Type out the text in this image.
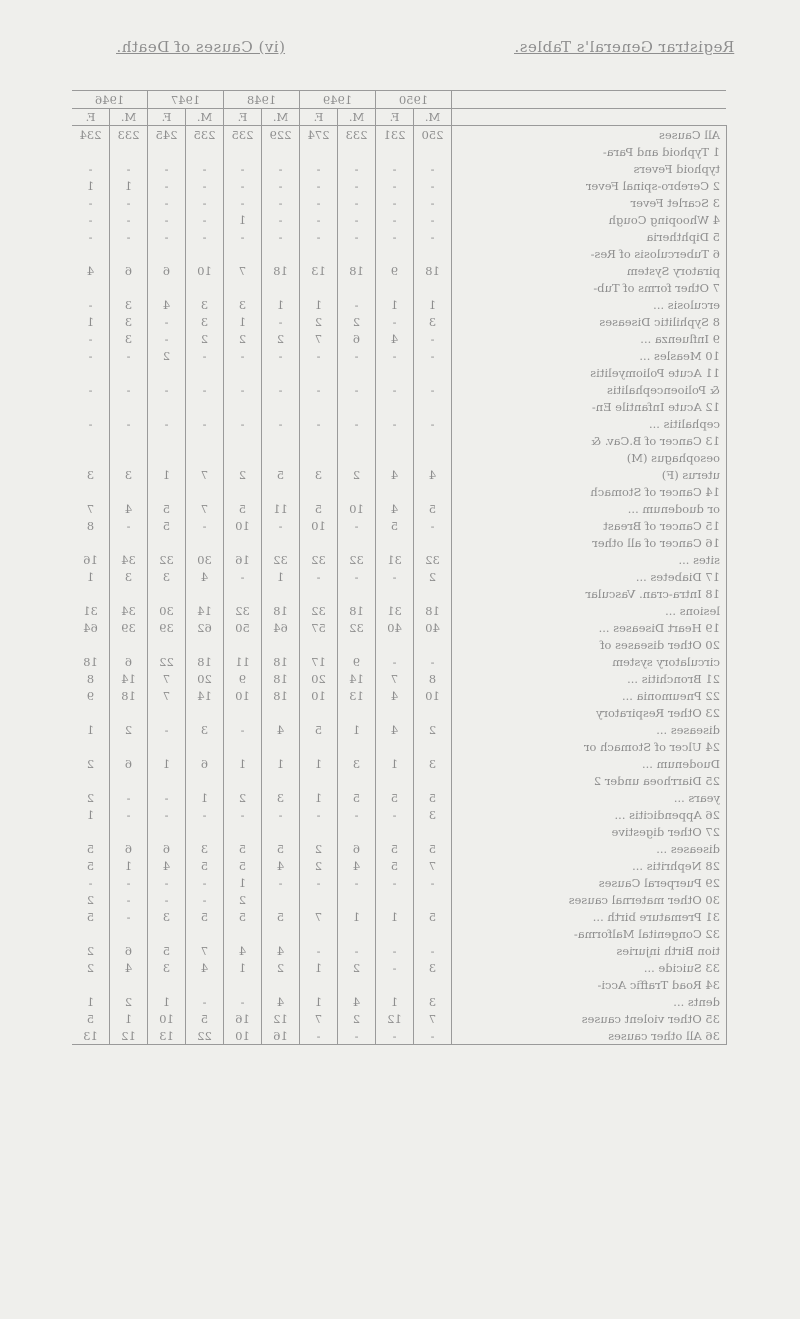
(iv) Causes of Death.	Registrar General's Tables.
	1950		1949		1948		1947		1946	
	M.	F.	M.	F.	M.	F.	M.	F.	M.	F.
All Causes	250	231	233	274	229	235	235	245	233	234
1 Typhoid and Para-										
typhoid Fevers	-	-	-	-	-	-	-	-	-	-
2 Cerebro-spinal Fever	-	-	-	-	-	-	-	-	1	1
3 Scarlet Fever	-	-	-	-	-	-	-	-	-	-
4 Whooping Cough	-	-	-	-	-	1	-	-	-	-
5 Diphtheria	-	-	-	-	-	-	-	-	-	-
6 Tuberculosis of Res-										
piratory System	18	9	18	13	18	7	10	6	6	4
7 Other forms of Tub-										
erculosis ...	1	1	-	1	1	3	3	4	3	-
8 Syphilitic Diseases	3	-	2	2	-	1	3	-	3	1
9 Influenza ...	-	4	6	7	2	2	2	-	3	-
10 Measles ...	-	-	-	-	-	-	-	2	-	-
11 Acute Poliomyelitis										
& Polioencephalitis	-	-	-	-	-	-	-	-	-	-
12 Acute Infantile En-										
cephalitis ...	-	-	-	-	-	-	-	-	-	-
13 Cancer of B.Cav. &										
oesophagus (M)										
uterus (F)	4	4	2	3	5	2	7	1	3	3
14 Cancer of Stomach										
or duodenum ...	5	4	10	5	11	5	7	5	4	7
15 Cancer of Breast	-	5	-	10	-	10	-	5	-	8
16 Cancer of all other										
sites ...	32	31	32	32	32	16	30	32	34	16
17 Diabetes ...	2	-	-	-	1	-	4	3	3	1
18 Intra-cran. Vascular										
lesions ...	18	31	18	32	18	32	14	30	34	31
19 Heart Diseases ...	40	40	32	57	64	50	62	39	39	64
20 Other diseases of										
circulatory system	-	-	9	17	18	11	18	22	6	18
21 Bronchitis ...	8	7	14	20	18	9	20	7	14	8
22 Pneumonia ...	10	4	13	10	18	10	14	7	18	9
23 Other Respiratory										
diseases ...	2	4	1	5	4	-	3	-	2	1
24 Ulcer of Stomach or										
Duodenum ...	3	1	3	1	1	1	6	1	6	2
25 Diarrhoea under 2										
years ...	5	5	5	1	3	2	1	-	-	2
26 Appendicitis ...	3	-	-	-	-	-	-	-	-	1
27 Other digestive										
diseases ...	5	5	6	2	5	5	3	6	6	5
28 Nephritis ...	7	5	4	2	4	5	5	4	1	5
29 Puerperal Causes	-	-	-	-	-	1	-	-	-	-
30 Other maternal causes						2	-	-	-	2
31 Premature birth ...	5	1	1	7	5	5	5	3	-	5
32 Congenital Malforma-										
tion Birth injuries	-	-	-	-	4	4	7	5	6	2
33 Suicide ...	3	-	2	1	2	1	4	3	4	2
34 Road Traffic Acci-										
dents ...	3	1	4	1	4	-	-	1	2	1
35 Other violent causes	7	12	2	7	12	16	5	10	1	5
36 All other causes	-	-	-	-	16	10	22	13	12	13
